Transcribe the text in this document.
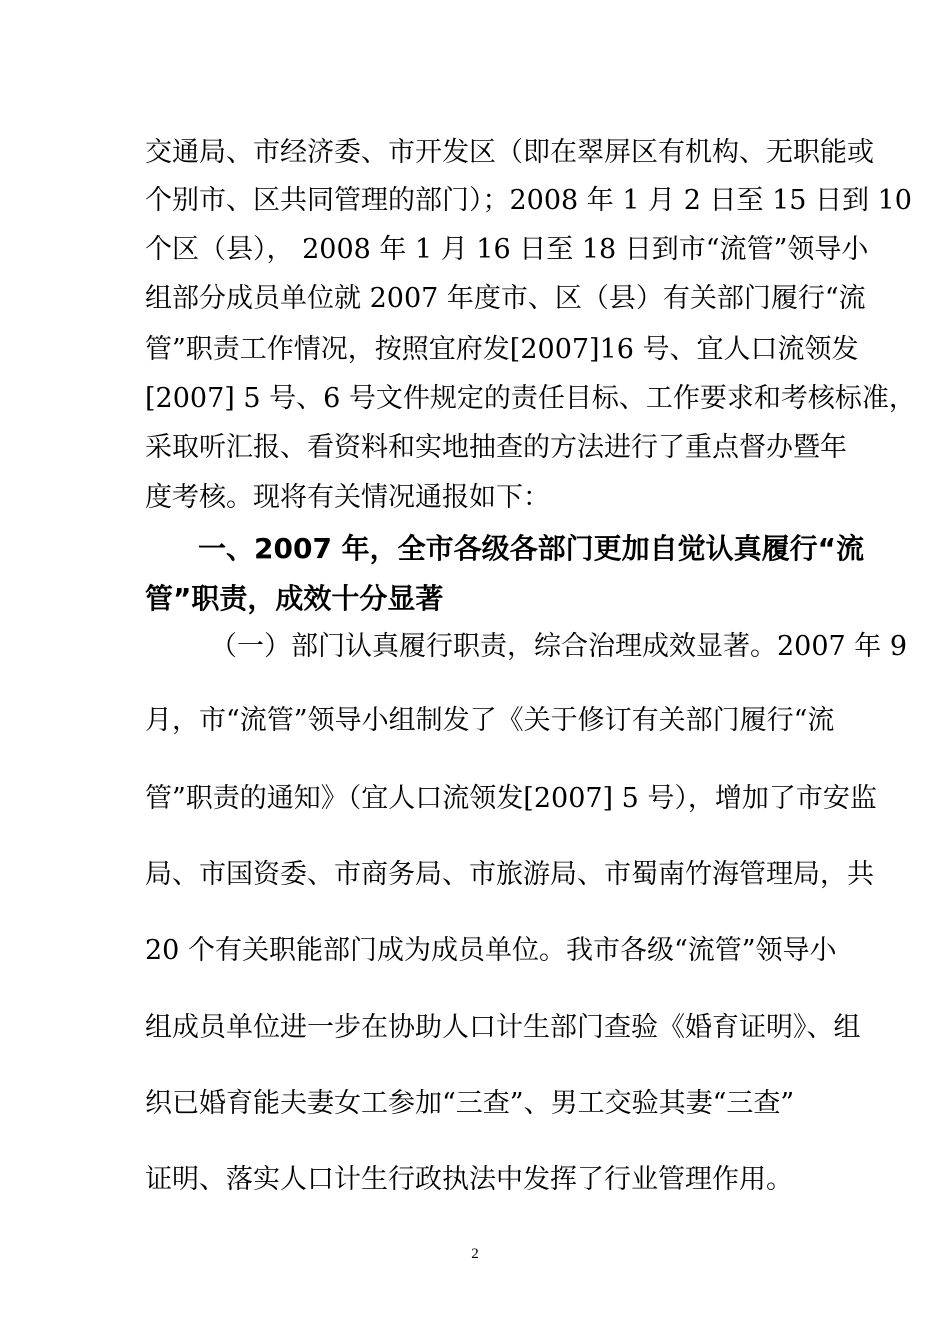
交通局、市经济委、市开发区（即在翠屏区有机构、无职能或
个别市、区共同管理的部门）；2008 年 1 月 2 日至 15 日到 10
个区（县）， 2008 年 1 月 16 日至 18 日到市“流管”领导小
组部分成员单位就 2007 年度市、区（县）有关部门履行“流
管”职责工作情况，按照宜府发[2007]16 号、宜人口流领发
[2007] 5 号、6 号文件规定的责任目标、工作要求和考核标准，
采取听汇报、看资料和实地抽查的方法进行了重点督办暨年
度考核。现将有关情况通报如下：
一、2007 年，全市各级各部门更加自觉认真履行“流
管”职责，成效十分显著
（一）部门认真履行职责，综合治理成效显著。2007 年 9
月，市“流管”领导小组制发了《关于修订有关部门履行“流
管”职责的通知》（宜人口流领发[2007] 5 号），增加了市安监
局、市国资委、市商务局、市旅游局、市蜀南竹海管理局，共
20 个有关职能部门成为成员单位。我市各级“流管”领导小
组成员单位进一步在协助人口计生部门查验《婚育证明》、组
织已婚育能夫妻女工参加“三查”、男工交验其妻“三查”
证明、落实人口计生行政执法中发挥了行业管理作用。
2
